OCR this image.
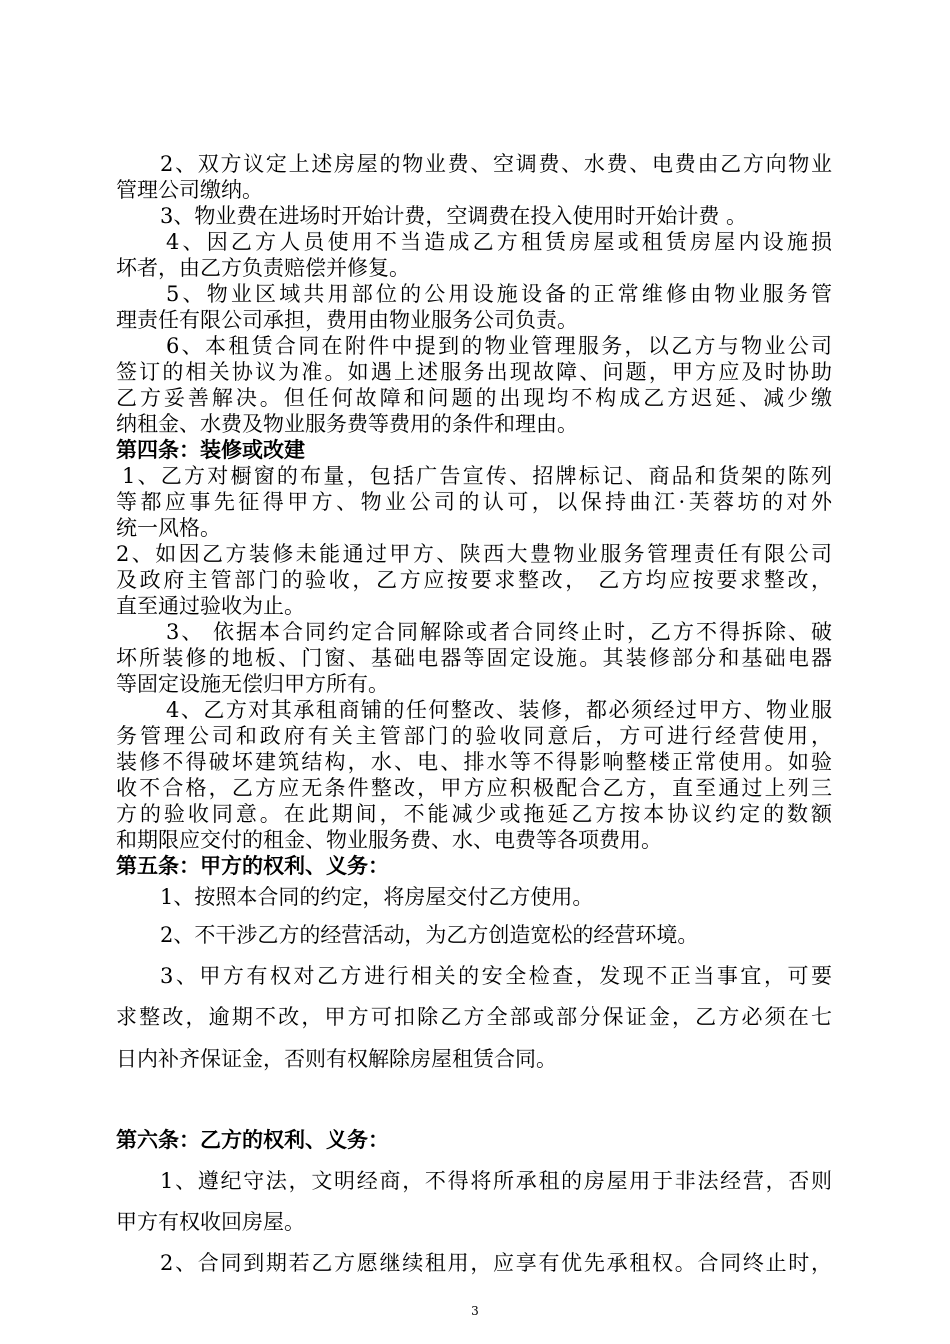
2、双方议定上述房屋的物业费、空调费、水费、电费由乙方向物业
管理公司缴纳。
3、物业费在进场时开始计费，空调费在投入使用时开始计费 。
4、因乙方人员使用不当造成乙方租赁房屋或租赁房屋内设施损
坏者，由乙方负责赔偿并修复。
5、物业区域共用部位的公用设施设备的正常维修由物业服务管
理责任有限公司承担，费用由物业服务公司负责。
6、本租赁合同在附件中提到的物业管理服务，以乙方与物业公司
签订的相关协议为准。如遇上述服务出现故障、问题，甲方应及时协助
乙方妥善解决。但任何故障和问题的出现均不构成乙方迟延、减少缴
纳租金、水费及物业服务费等费用的条件和理由。
第四条：装修或改建
1、乙方对橱窗的布量，包括广告宣传、招牌标记、商品和货架的陈列
等都应事先征得甲方、物业公司的认可，以保持曲江·芙蓉坊的对外
统一风格。
2、如因乙方装修未能通过甲方、陕西大豊物业服务管理责任有限公司
及政府主管部门的验收，乙方应按要求整改， 乙方均应按要求整改，
直至通过验收为止。
3、 依据本合同约定合同解除或者合同终止时，乙方不得拆除、破
坏所装修的地板、门窗、基础电器等固定设施。其装修部分和基础电器
等固定设施无偿归甲方所有。
4、乙方对其承租商铺的任何整改、装修，都必须经过甲方、物业服
务管理公司和政府有关主管部门的验收同意后，方可进行经营使用，
装修不得破坏建筑结构，水、电、排水等不得影响整楼正常使用。如验
收不合格，乙方应无条件整改，甲方应积极配合乙方，直至通过上列三
方的验收同意。在此期间，不能减少或拖延乙方按本协议约定的数额
和期限应交付的租金、物业服务费、水、电费等各项费用。
第五条：甲方的权利、义务：
1、按照本合同的约定，将房屋交付乙方使用。
2、不干涉乙方的经营活动，为乙方创造宽松的经营环境。
3、甲方有权对乙方进行相关的安全检查，发现不正当事宜，可要
求整改，逾期不改，甲方可扣除乙方全部或部分保证金，乙方必须在七
日内补齐保证金，否则有权解除房屋租赁合同。
第六条：乙方的权利、义务：
1、遵纪守法，文明经商，不得将所承租的房屋用于非法经营，否则
甲方有权收回房屋。
2、合同到期若乙方愿继续租用，应享有优先承租权。合同终止时，
3
